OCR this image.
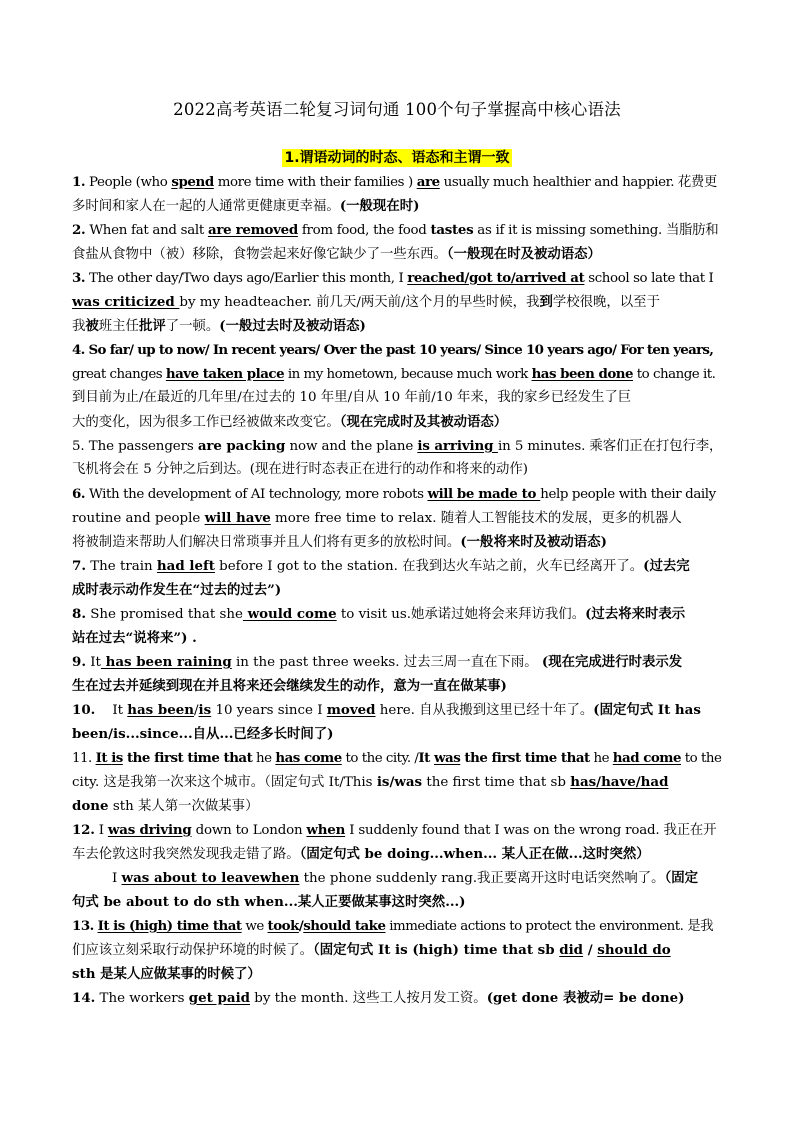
2022高考英语二轮复习词句通 100个句子掌握高中核心语法
1.谓语动词的时态、语态和主谓一致
1. People (who spend more time with their families ) are usually much healthier and happier. 花费更
多时间和家人在一起的人通常更健康更幸福。(一般现在时)
2. When fat and salt are removed from food, the food tastes as if it is missing something. 当脂肪和
食盐从食物中（被）移除，食物尝起来好像它缺少了一些东西。（一般现在时及被动语态）
3. The other day/Two days ago/Earlier this month, I reached/got to/arrived at school so late that I
was criticized by my headteacher. 前几天/两天前/这个月的早些时候，我到学校很晚，以至于
我被班主任批评了一顿。(一般过去时及被动语态)
4. So far/ up to now/ In recent years/ Over the past 10 years/ Since 10 years ago/ For ten years,
great changes have taken place in my hometown, because much work has been done to change it.
到目前为止/在最近的几年里/在过去的 10 年里/自从 10 年前/10 年来，我的家乡已经发生了巨
大的变化，因为很多工作已经被做来改变它。（现在完成时及其被动语态）
5. The passengers are packing now and the plane is arriving in 5 minutes. 乘客们正在打包行李，
飞机将会在 5 分钟之后到达。(现在进行时态表正在进行的动作和将来的动作)
6. With the development of AI technology, more robots will be made to help people with their daily
routine and people will have more free time to relax. 随着人工智能技术的发展，更多的机器人
将被制造来帮助人们解决日常琐事并且人们将有更多的放松时间。(一般将来时及被动语态)
7. The train had left before I got to the station. 在我到达火车站之前，火车已经离开了。(过去完
成时表示动作发生在“过去的过去”)
8. She promised that she would come to visit us.她承诺过她将会来拜访我们。(过去将来时表示
站在过去“说将来”) .
9. It has been raining in the past three weeks. 过去三周一直在下雨。 (现在完成进行时表示发
生在过去并延续到现在并且将来还会继续发生的动作，意为一直在做某事)
10.    It has been/is 10 years since I moved here. 自从我搬到这里已经十年了。(固定句式 It has
been/is...since...自从...已经多长时间了)
11. It is the first time that he has come to the city. /It was the first time that he had come to the
city. 这是我第一次来这个城市。（固定句式 It/This is/was the first time that sb has/have/had
done sth 某人第一次做某事）
12. I was driving down to London when I suddenly found that I was on the wrong road. 我正在开
车去伦敦这时我突然发现我走错了路。（固定句式 be doing...when... 某人正在做...这时突然）
I was about to leavewhen the phone suddenly rang.我正要离开这时电话突然响了。（固定
句式 be about to do sth when...某人正要做某事这时突然...)
13. It is (high) time that we took/should take immediate actions to protect the environment. 是我
们应该立刻采取行动保护环境的时候了。（固定句式 It is (high) time that sb did / should do
sth 是某人应做某事的时候了）
14. The workers get paid by the month. 这些工人按月发工资。(get done 表被动= be done)
